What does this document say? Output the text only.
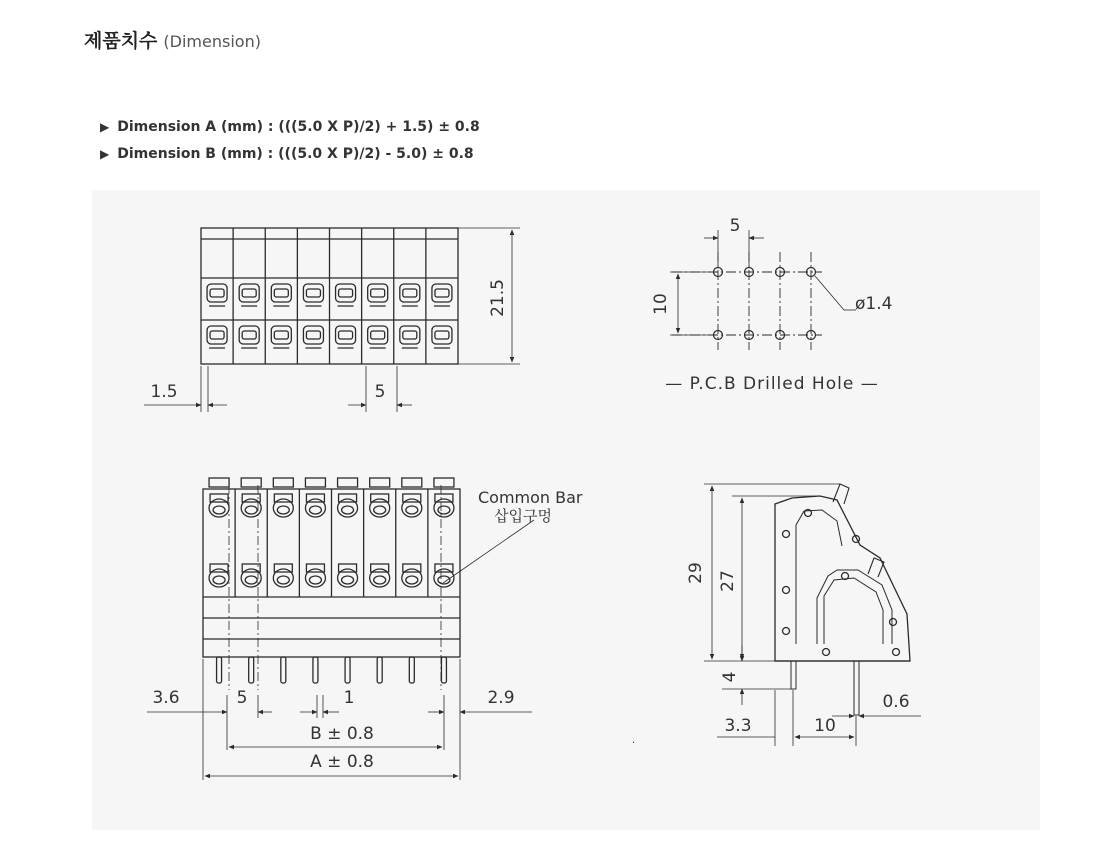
제품치수 (Dimension)
▶ Dimension A (mm) : (((5.0 X P)/2) + 1.5) ± 0.8
▶ Dimension B (mm) : (((5.0 X P)/2) - 5.0) ± 0.8
21.5
1.5	5
5
10	ø1.4
— P.C.B Drilled Hole —
Common Bar
삽입구멍
3.6	5	1	2.9
B ± 0.8
A ± 0.8
29 27
4
3.3	10
0.6
.
